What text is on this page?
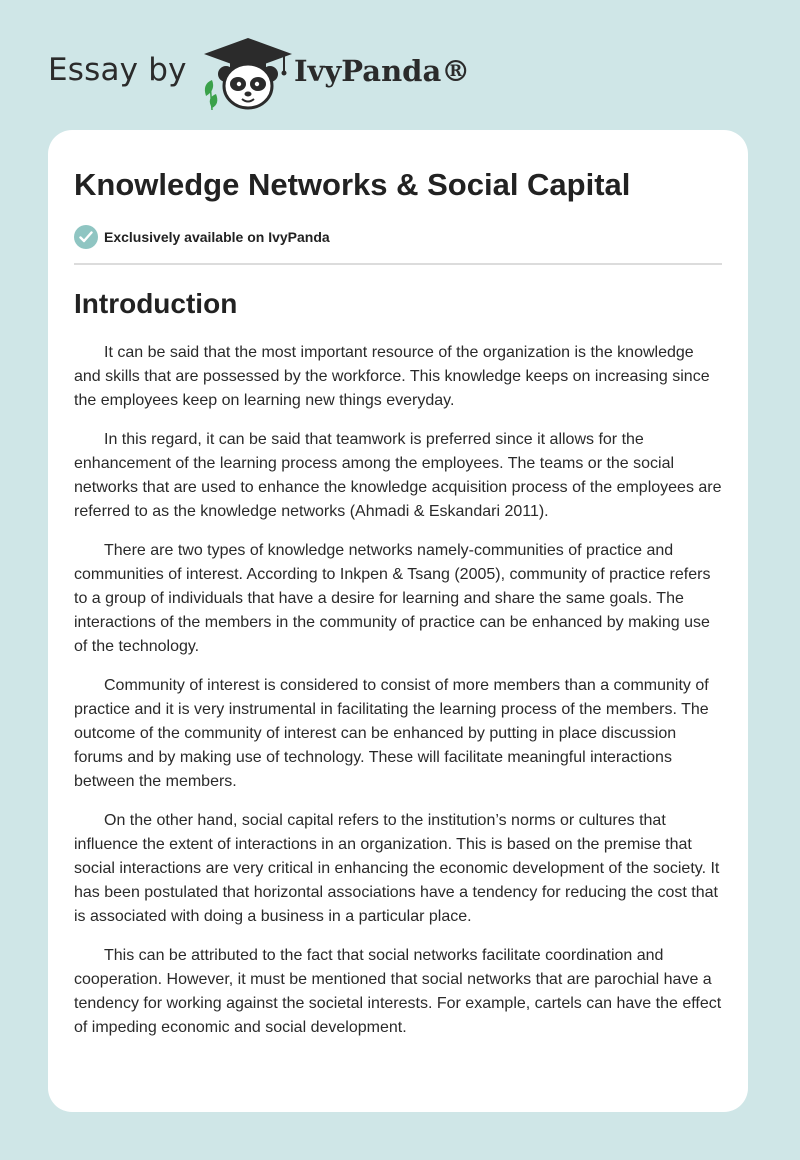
Essay by	IvyPanda®
Knowledge Networks & Social Capital
Exclusively available on IvyPanda
Introduction

It can be said that the most important resource of the organization is the knowledge and skills that are possessed by the workforce. This knowledge keeps on increasing since the employees keep on learning new things everyday.

In this regard, it can be said that teamwork is preferred since it allows for the enhancement of the learning process among the employees. The teams or the social networks that are used to enhance the knowledge acquisition process of the employees are referred to as the knowledge networks (Ahmadi & Eskandari 2011).

There are two types of knowledge networks namely-communities of practice and communities of interest. According to Inkpen & Tsang (2005), community of practice refers to a group of individuals that have a desire for learning and share the same goals. The interactions of the members in the community of practice can be enhanced by making use of the technology.

Community of interest is considered to consist of more members than a community of practice and it is very instrumental in facilitating the learning process of the members. The outcome of the community of interest can be enhanced by putting in place discussion forums and by making use of technology. These will facilitate meaningful interactions between the members.

On the other hand, social capital refers to the institution’s norms or cultures that influence the extent of interactions in an organization. This is based on the premise that social interactions are very critical in enhancing the economic development of the society. It has been postulated that horizontal associations have a tendency for reducing the cost that is associated with doing a business in a particular place.

This can be attributed to the fact that social networks facilitate coordination and cooperation. However, it must be mentioned that social networks that are parochial have a tendency for working against the societal interests. For example, cartels can have the effect of impeding economic and social development.
